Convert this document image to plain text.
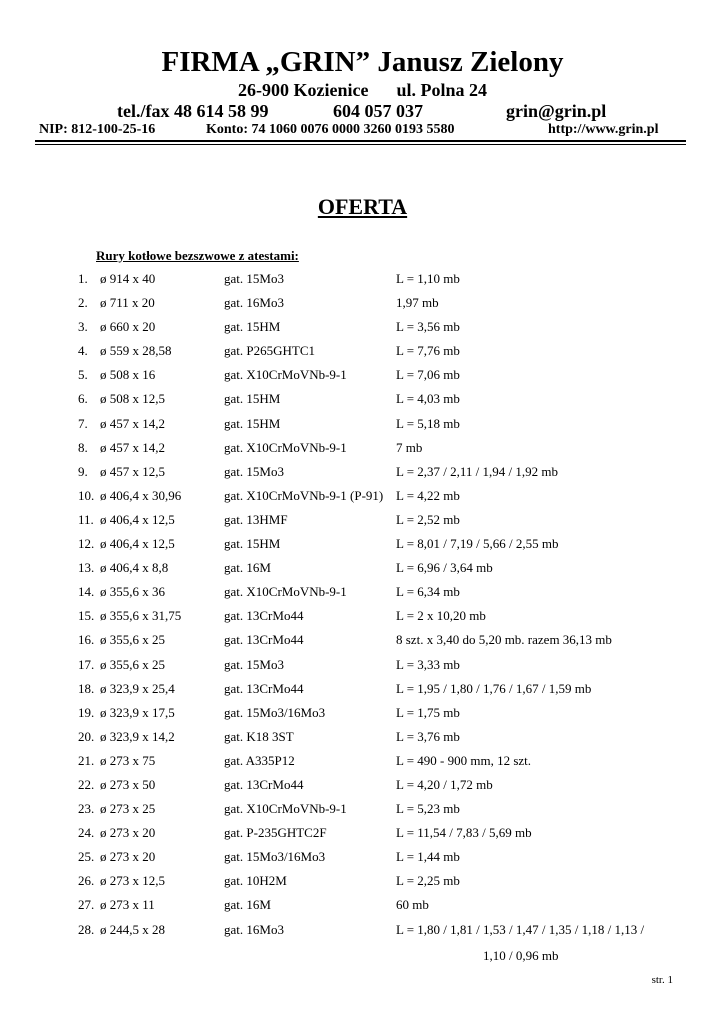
FIRMA „GRIN” Janusz Zielony
26-900 Kozienice ul. Polna 24
tel./fax 48 614 58 99	604 057 037	grin@grin.pl
NIP: 812-100-25-16	Konto: 74 1060 0076 0000 3260 0193 5580	http://www.grin.pl
OFERTA
Rury kotłowe bezszwowe z atestami:
1. ø 914 x 40	gat. 15Mo3	L = 1,10 mb
2. ø 711 x 20	gat. 16Mo3	1,97 mb
3. ø 660 x 20	gat. 15HM	L = 3,56 mb
4. ø 559 x 28,58	gat. P265GHTC1	L = 7,76 mb
5. ø 508 x 16	gat. X10CrMoVNb-9-1	L = 7,06 mb
6. ø 508 x 12,5	gat. 15HM	L = 4,03 mb
7. ø 457 x 14,2	gat. 15HM	L = 5,18 mb
8. ø 457 x 14,2	gat. X10CrMoVNb-9-1	7 mb
9. ø 457 x 12,5	gat. 15Mo3	L = 2,37 / 2,11 / 1,94 / 1,92 mb
10. ø 406,4 x 30,96	gat. X10CrMoVNb-9-1 (P-91) L = 4,22 mb
11. ø 406,4 x 12,5	gat. 13HMF	L = 2,52 mb
12. ø 406,4 x 12,5	gat. 15HM	L = 8,01 / 7,19 / 5,66 / 2,55 mb
13. ø 406,4 x 8,8	gat. 16M	L = 6,96 / 3,64 mb
14. ø 355,6 x 36	gat. X10CrMoVNb-9-1	L = 6,34 mb
15. ø 355,6 x 31,75	gat. 13CrMo44	L = 2 x 10,20 mb
16. ø 355,6 x 25	gat. 13CrMo44	8 szt. x 3,40 do 5,20 mb. razem 36,13 mb
17. ø 355,6 x 25	gat. 15Mo3	L = 3,33 mb
18. ø 323,9 x 25,4	gat. 13CrMo44	L = 1,95 / 1,80 / 1,76 / 1,67 / 1,59 mb
19. ø 323,9 x 17,5	gat. 15Mo3/16Mo3	L = 1,75 mb
20. ø 323,9 x 14,2	gat. K18 3ST	L = 3,76 mb
21. ø 273 x 75	gat. A335P12	L = 490 - 900 mm, 12 szt.
22. ø 273 x 50	gat. 13CrMo44	L = 4,20 / 1,72 mb
23. ø 273 x 25	gat. X10CrMoVNb-9-1	L = 5,23 mb
24. ø 273 x 20	gat. P-235GHTC2F	L = 11,54 / 7,83 / 5,69 mb
25. ø 273 x 20	gat. 15Mo3/16Mo3	L = 1,44 mb
26. ø 273 x 12,5	gat. 10H2M	L = 2,25 mb
27. ø 273 x 11	gat. 16M	60 mb
28. ø 244,5 x 28	gat. 16Mo3	L = 1,80 / 1,81 / 1,53 / 1,47 / 1,35 / 1,18 / 1,13 /
1,10 / 0,96 mb
str. 1
